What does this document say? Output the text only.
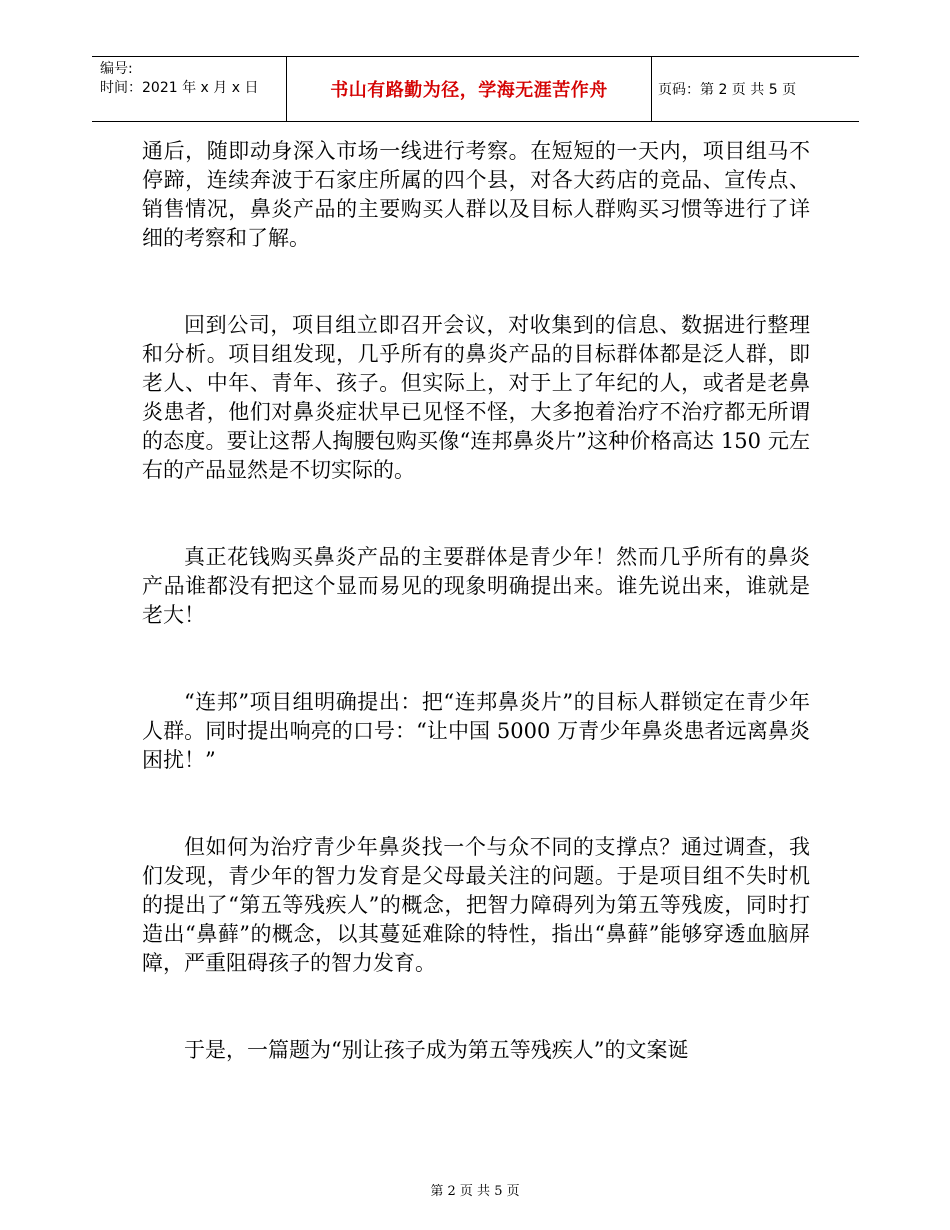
编号:
时间：2021 年 x 月 x 日	书山有路勤为径，学海无涯苦作舟	页码：第 2 页 共 5 页

通后，随即动身深入市场一线进行考察。在短短的一天内，项目组马不停蹄，连续奔波于石家庄所属的四个县，对各大药店的竞品、宣传点、销售情况，鼻炎产品的主要购买人群以及目标人群购买习惯等进行了详细的考察和了解。

回到公司，项目组立即召开会议，对收集到的信息、数据进行整理和分析。项目组发现，几乎所有的鼻炎产品的目标群体都是泛人群，即老人、中年、青年、孩子。但实际上，对于上了年纪的人，或者是老鼻炎患者，他们对鼻炎症状早已见怪不怪，大多抱着治疗不治疗都无所谓的态度。要让这帮人掏腰包购买像“连邦鼻炎片”这种价格高达 150 元左右的产品显然是不切实际的。

真正花钱购买鼻炎产品的主要群体是青少年！然而几乎所有的鼻炎产品谁都没有把这个显而易见的现象明确提出来。谁先说出来，谁就是老大！

“连邦”项目组明确提出：把“连邦鼻炎片”的目标人群锁定在青少年人群。同时提出响亮的口号：“让中国 5000 万青少年鼻炎患者远离鼻炎困扰！”

但如何为治疗青少年鼻炎找一个与众不同的支撑点？通过调查，我们发现，青少年的智力发育是父母最关注的问题。于是项目组不失时机的提出了“第五等残疾人”的概念，把智力障碍列为第五等残废，同时打造出“鼻藓”的概念，以其蔓延难除的特性，指出“鼻藓”能够穿透血脑屏障，严重阻碍孩子的智力发育。

于是，一篇题为“别让孩子成为第五等残疾人”的文案诞

第 2 页 共 5 页
